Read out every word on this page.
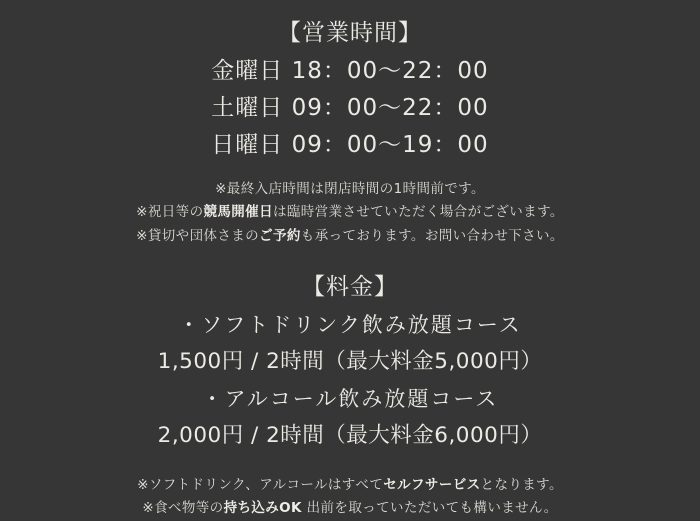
【営業時間】
金曜日 18：00〜22：00
土曜日 09：00〜22：00
日曜日 09：00〜19：00
※最終入店時間は閉店時間の1時間前です。
※祝日等の競馬開催日は臨時営業させていただく場合がございます。
※貸切や団体さまのご予約も承っております。お問い合わせ下さい。
【料金】
・ソフトドリンク飲み放題コース
1,500円 / 2時間（最大料金5,000円）
・アルコール飲み放題コース
2,000円 / 2時間（最大料金6,000円）
※ソフトドリンク、アルコールはすべてセルフサービスとなります。
※食べ物等の持ち込みOK 出前を取っていただいても構いません。
